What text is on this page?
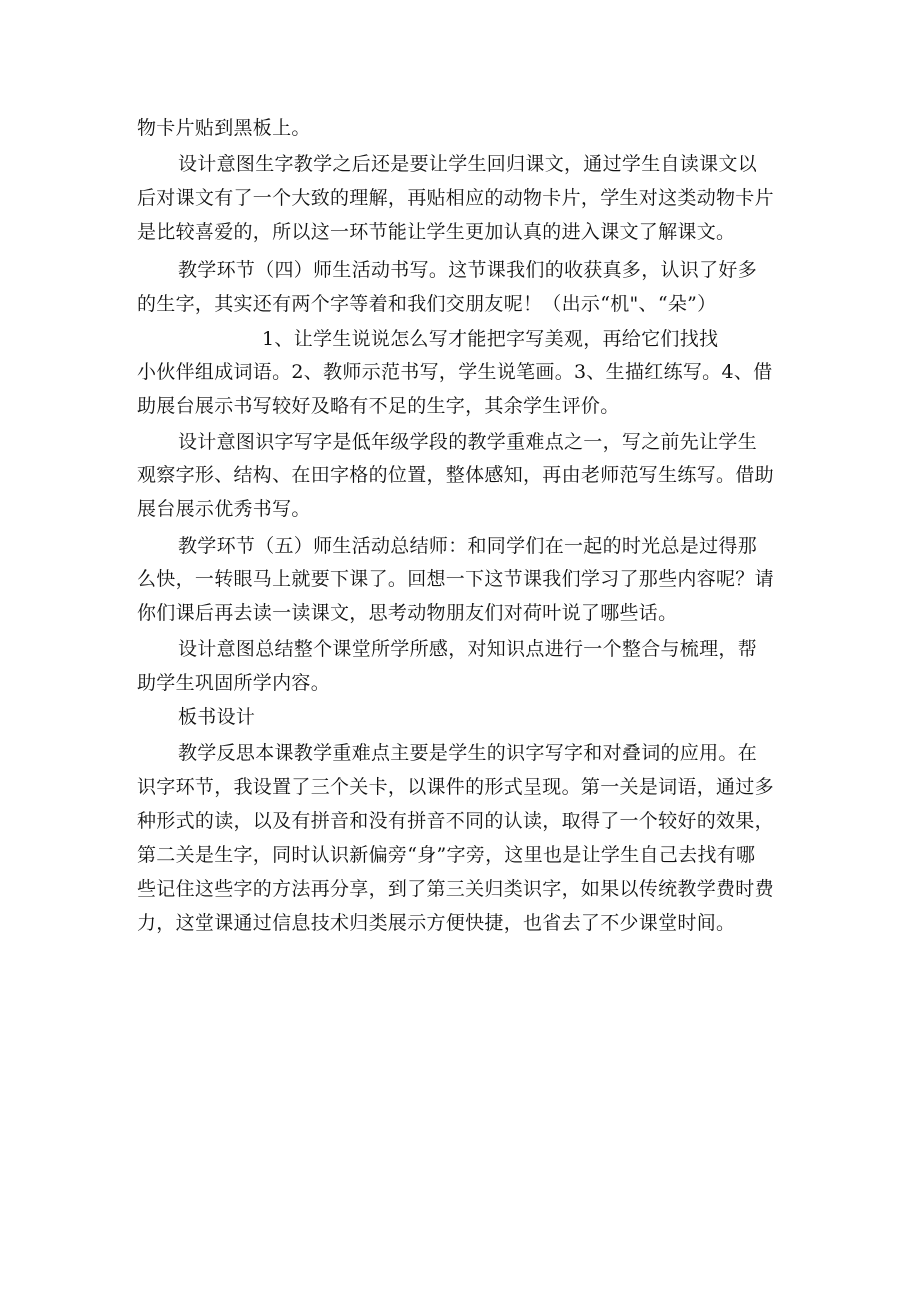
物卡片贴到黑板上。
设计意图生字教学之后还是要让学生回归课文，通过学生自读课文以
后对课文有了一个大致的理解，再贴相应的动物卡片，学生对这类动物卡片
是比较喜爱的，所以这一环节能让学生更加认真的进入课文了解课文。
教学环节（四）师生活动书写。这节课我们的收获真多，认识了好多
的生字，其实还有两个字等着和我们交朋友呢！（出示“机"、“朵”）
1、让学生说说怎么写才能把字写美观，再给它们找找
小伙伴组成词语。2、教师示范书写，学生说笔画。3、生描红练写。4、借
助展台展示书写较好及略有不足的生字，其余学生评价。
设计意图识字写字是低年级学段的教学重难点之一，写之前先让学生
观察字形、结构、在田字格的位置，整体感知，再由老师范写生练写。借助
展台展示优秀书写。
教学环节（五）师生活动总结师：和同学们在一起的时光总是过得那
么快，一转眼马上就要下课了。回想一下这节课我们学习了那些内容呢？请
你们课后再去读一读课文，思考动物朋友们对荷叶说了哪些话。
设计意图总结整个课堂所学所感，对知识点进行一个整合与梳理，帮
助学生巩固所学内容。
板书设计
教学反思本课教学重难点主要是学生的识字写字和对叠词的应用。在
识字环节，我设置了三个关卡，以课件的形式呈现。第一关是词语，通过多
种形式的读，以及有拼音和没有拼音不同的认读，取得了一个较好的效果，
第二关是生字，同时认识新偏旁“身”字旁，这里也是让学生自己去找有哪
些记住这些字的方法再分享，到了第三关归类识字，如果以传统教学费时费
力，这堂课通过信息技术归类展示方便快捷，也省去了不少课堂时间。
